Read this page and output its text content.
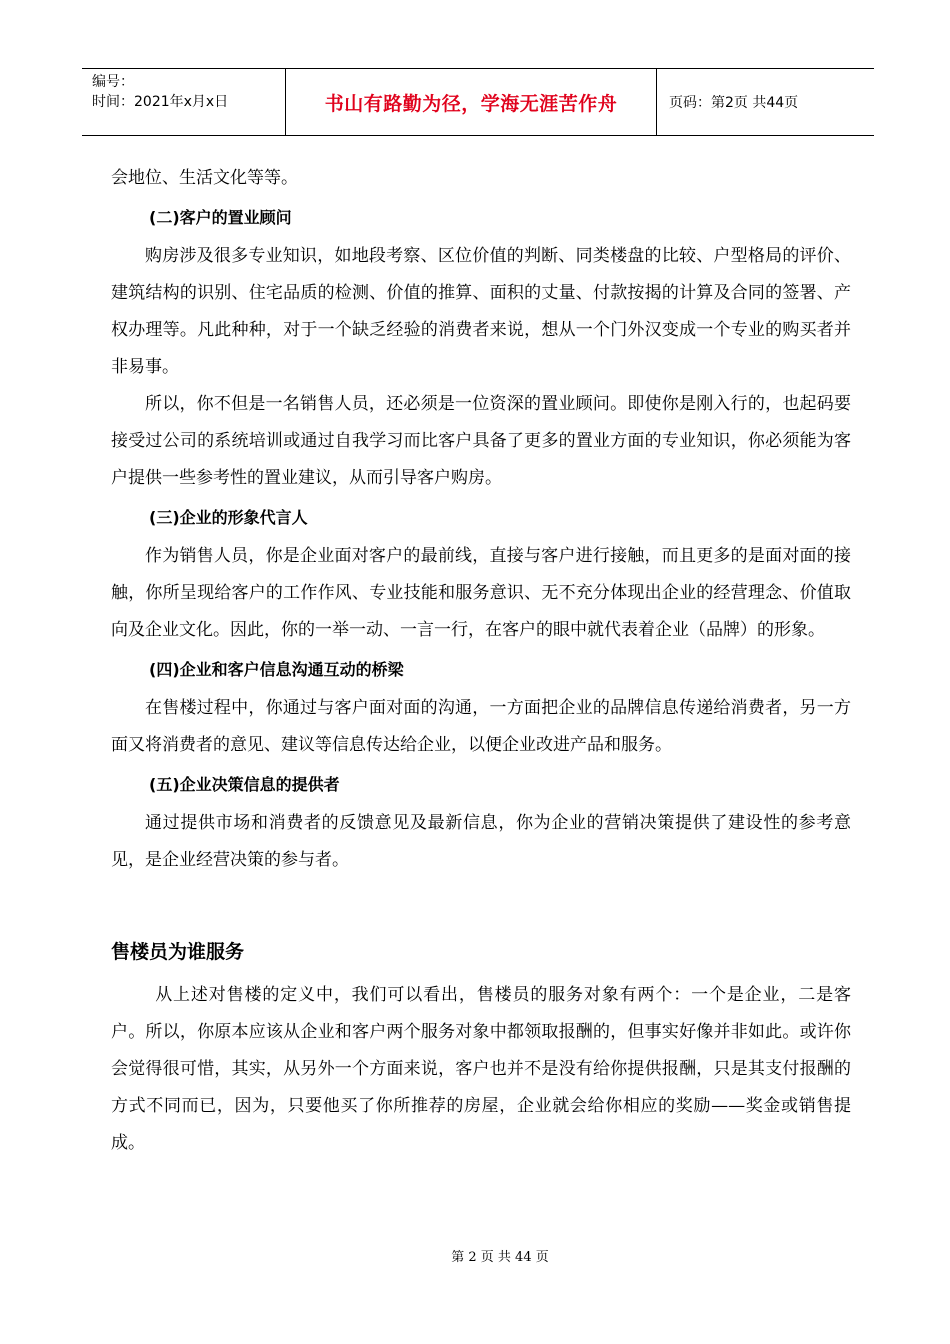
编号：
时间：2021年x月x日	书山有路勤为径，学海无涯苦作舟	页码：第2页 共44页

会地位、生活文化等等。

(二)客户的置业顾问

购房涉及很多专业知识，如地段考察、区位价值的判断、同类楼盘的比较、户型格局的评价、建筑结构的识别、住宅品质的检测、价值的推算、面积的丈量、付款按揭的计算及合同的签署、产权办理等。凡此种种，对于一个缺乏经验的消费者来说，想从一个门外汉变成一个专业的购买者并非易事。

所以，你不但是一名销售人员，还必须是一位资深的置业顾问。即使你是刚入行的，也起码要接受过公司的系统培训或通过自我学习而比客户具备了更多的置业方面的专业知识，你必须能为客户提供一些参考性的置业建议，从而引导客户购房。

(三)企业的形象代言人

作为销售人员，你是企业面对客户的最前线，直接与客户进行接触，而且更多的是面对面的接触，你所呈现给客户的工作作风、专业技能和服务意识、无不充分体现出企业的经营理念、价值取向及企业文化。因此，你的一举一动、一言一行，在客户的眼中就代表着企业（品牌）的形象。

(四)企业和客户信息沟通互动的桥梁

在售楼过程中，你通过与客户面对面的沟通，一方面把企业的品牌信息传递给消费者，另一方面又将消费者的意见、建议等信息传达给企业，以便企业改进产品和服务。

(五)企业决策信息的提供者

通过提供市场和消费者的反馈意见及最新信息，你为企业的营销决策提供了建设性的参考意见，是企业经营决策的参与者。

售楼员为谁服务

从上述对售楼的定义中，我们可以看出，售楼员的服务对象有两个：一个是企业，二是客户。所以，你原本应该从企业和客户两个服务对象中都领取报酬的，但事实好像并非如此。或许你会觉得很可惜，其实，从另外一个方面来说，客户也并不是没有给你提供报酬，只是其支付报酬的方式不同而已，因为，只要他买了你所推荐的房屋，企业就会给你相应的奖励——奖金或销售提成。

第 2 页 共 44 页
